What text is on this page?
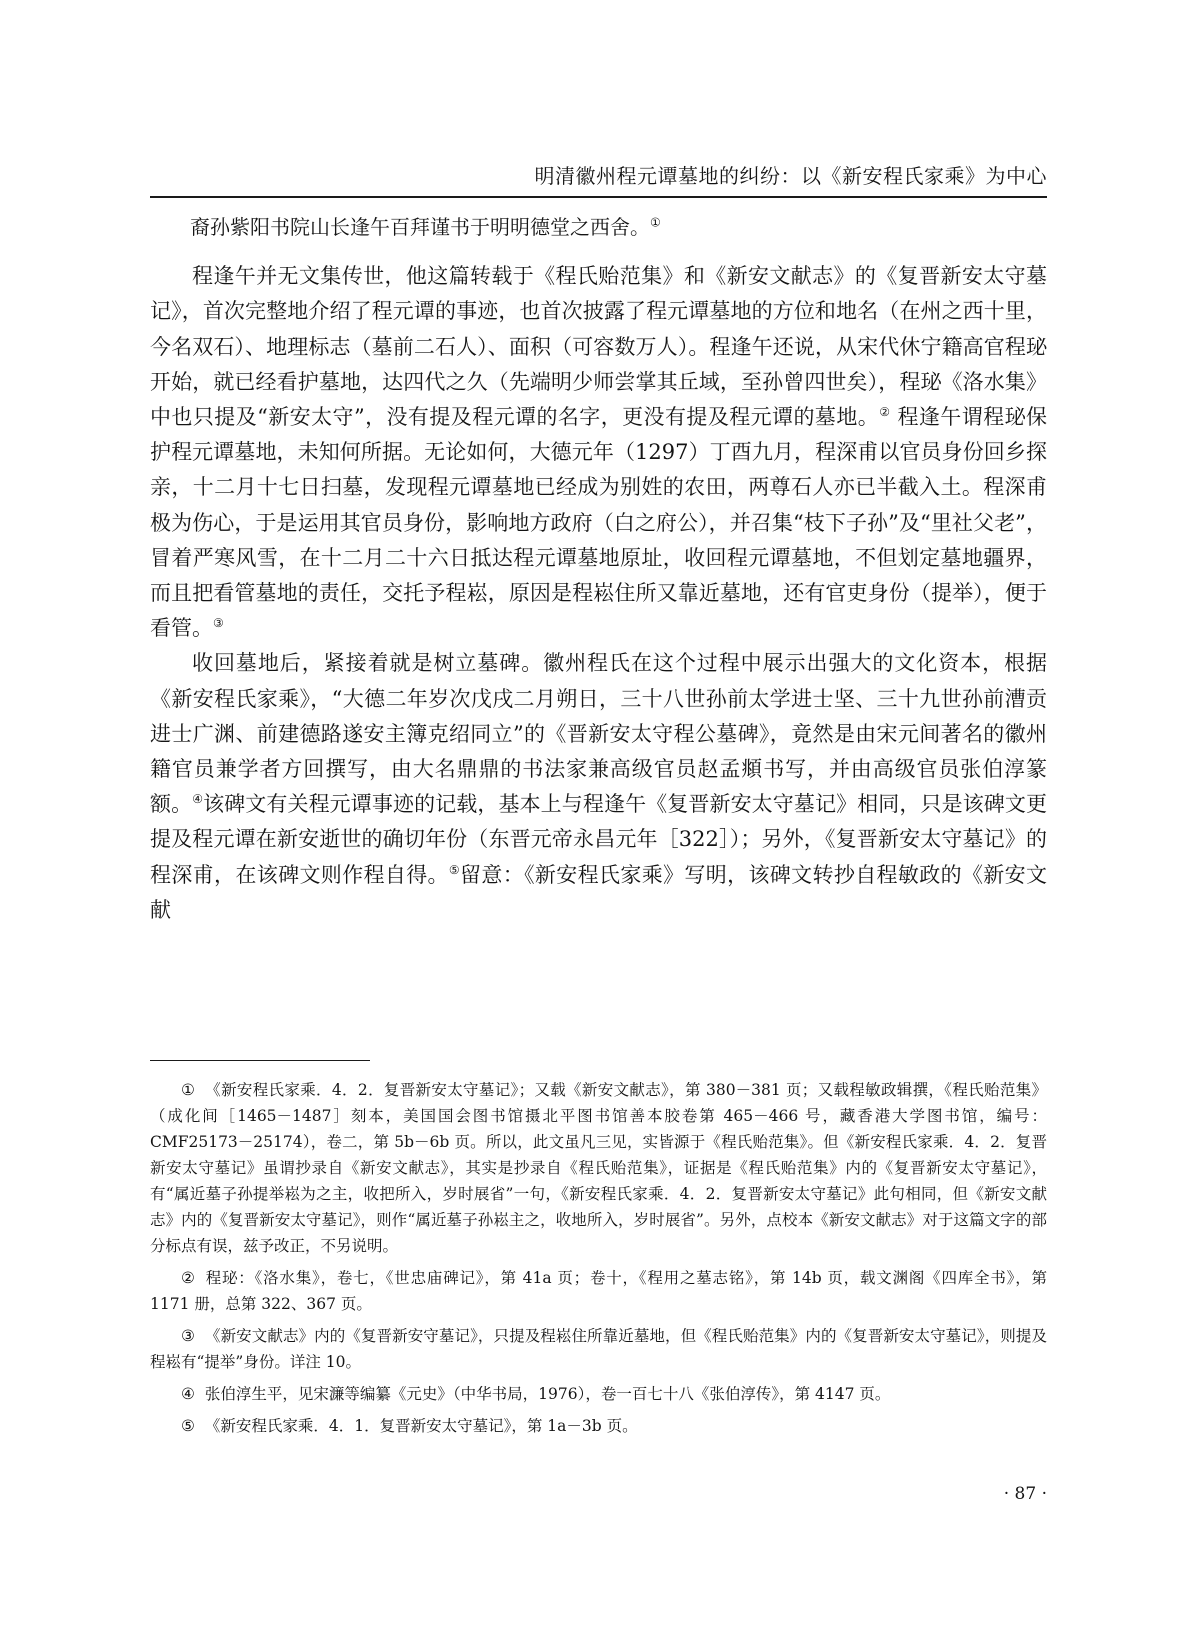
明清徽州程元谭墓地的纠纷：以《新安程氏家乘》为中心

裔孙紫阳书院山长逢午百拜谨书于明明德堂之西舍。①

程逢午并无文集传世，他这篇转载于《程氏贻范集》和《新安文献志》的《复晋新安太守墓记》，首次完整地介绍了程元谭的事迹，也首次披露了程元谭墓地的方位和地名（在州之西十里，今名双石）、地理标志（墓前二石人）、面积（可容数万人）。程逢午还说，从宋代休宁籍高官程珌开始，就已经看护墓地，达四代之久（先端明少师尝掌其丘域，至孙曾四世矣），程珌《洛水集》中也只提及“新安太守”，没有提及程元谭的名字，更没有提及程元谭的墓地。② 程逢午谓程珌保护程元谭墓地，未知何所据。无论如何，大德元年（1297）丁酉九月，程深甫以官员身份回乡探亲，十二月十七日扫墓，发现程元谭墓地已经成为别姓的农田，两尊石人亦已半截入土。程深甫极为伤心，于是运用其官员身份，影响地方政府（白之府公），并召集“枝下子孙”及“里社父老”，冒着严寒风雪，在十二月二十六日抵达程元谭墓地原址，收回程元谭墓地，不但划定墓地疆界，而且把看管墓地的责任，交托予程崧，原因是程崧住所又靠近墓地，还有官吏身份（提举），便于看管。③

收回墓地后，紧接着就是树立墓碑。徽州程氏在这个过程中展示出强大的文化资本，根据《新安程氏家乘》，“大德二年岁次戊戌二月朔日，三十八世孙前太学进士坚、三十九世孙前漕贡进士广渊、前建德路遂安主簿克绍同立”的《晋新安太守程公墓碑》，竟然是由宋元间著名的徽州籍官员兼学者方回撰写，由大名鼎鼎的书法家兼高级官员赵孟頫书写，并由高级官员张伯淳篆额。④该碑文有关程元谭事迹的记载，基本上与程逢午《复晋新安太守墓记》相同，只是该碑文更提及程元谭在新安逝世的确切年份（东晋元帝永昌元年［322］）；另外，《复晋新安太守墓记》的程深甫，在该碑文则作程自得。⑤留意：《新安程氏家乘》写明，该碑文转抄自程敏政的《新安文献

① 《新安程氏家乘．4．2．复晋新安太守墓记》；又载《新安文献志》，第 380－381 页；又载程敏政辑撰，《程氏贻范集》（成化间［1465－1487］刻本，美国国会图书馆摄北平图书馆善本胶卷第 465－466 号，藏香港大学图书馆，编号：CMF25173－25174），卷二，第 5b－6b 页。所以，此文虽凡三见，实皆源于《程氏贻范集》。但《新安程氏家乘．4．2．复晋新安太守墓记》虽谓抄录自《新安文献志》，其实是抄录自《程氏贻范集》，证据是《程氏贻范集》内的《复晋新安太守墓记》，有“属近墓子孙提举崧为之主，收把所入，岁时展省”一句，《新安程氏家乘．4．2．复晋新安太守墓记》此句相同，但《新安文献志》内的《复晋新安太守墓记》，则作“属近墓子孙崧主之，收地所入，岁时展省”。另外，点校本《新安文献志》对于这篇文字的部分标点有误，兹予改正，不另说明。

② 程珌：《洛水集》，卷七，《世忠庙碑记》，第 41a 页；卷十，《程用之墓志铭》，第 14b 页，载文渊阁《四库全书》，第 1171 册，总第 322、367 页。

③ 《新安文献志》内的《复晋新安守墓记》，只提及程崧住所靠近墓地，但《程氏贻范集》内的《复晋新安太守墓记》，则提及程崧有“提举”身份。详注 10。

④ 张伯淳生平，见宋濂等编纂《元史》（中华书局，1976），卷一百七十八《张伯淳传》，第 4147 页。

⑤ 《新安程氏家乘．4．1．复晋新安太守墓记》，第 1a－3b 页。

· 87 ·
